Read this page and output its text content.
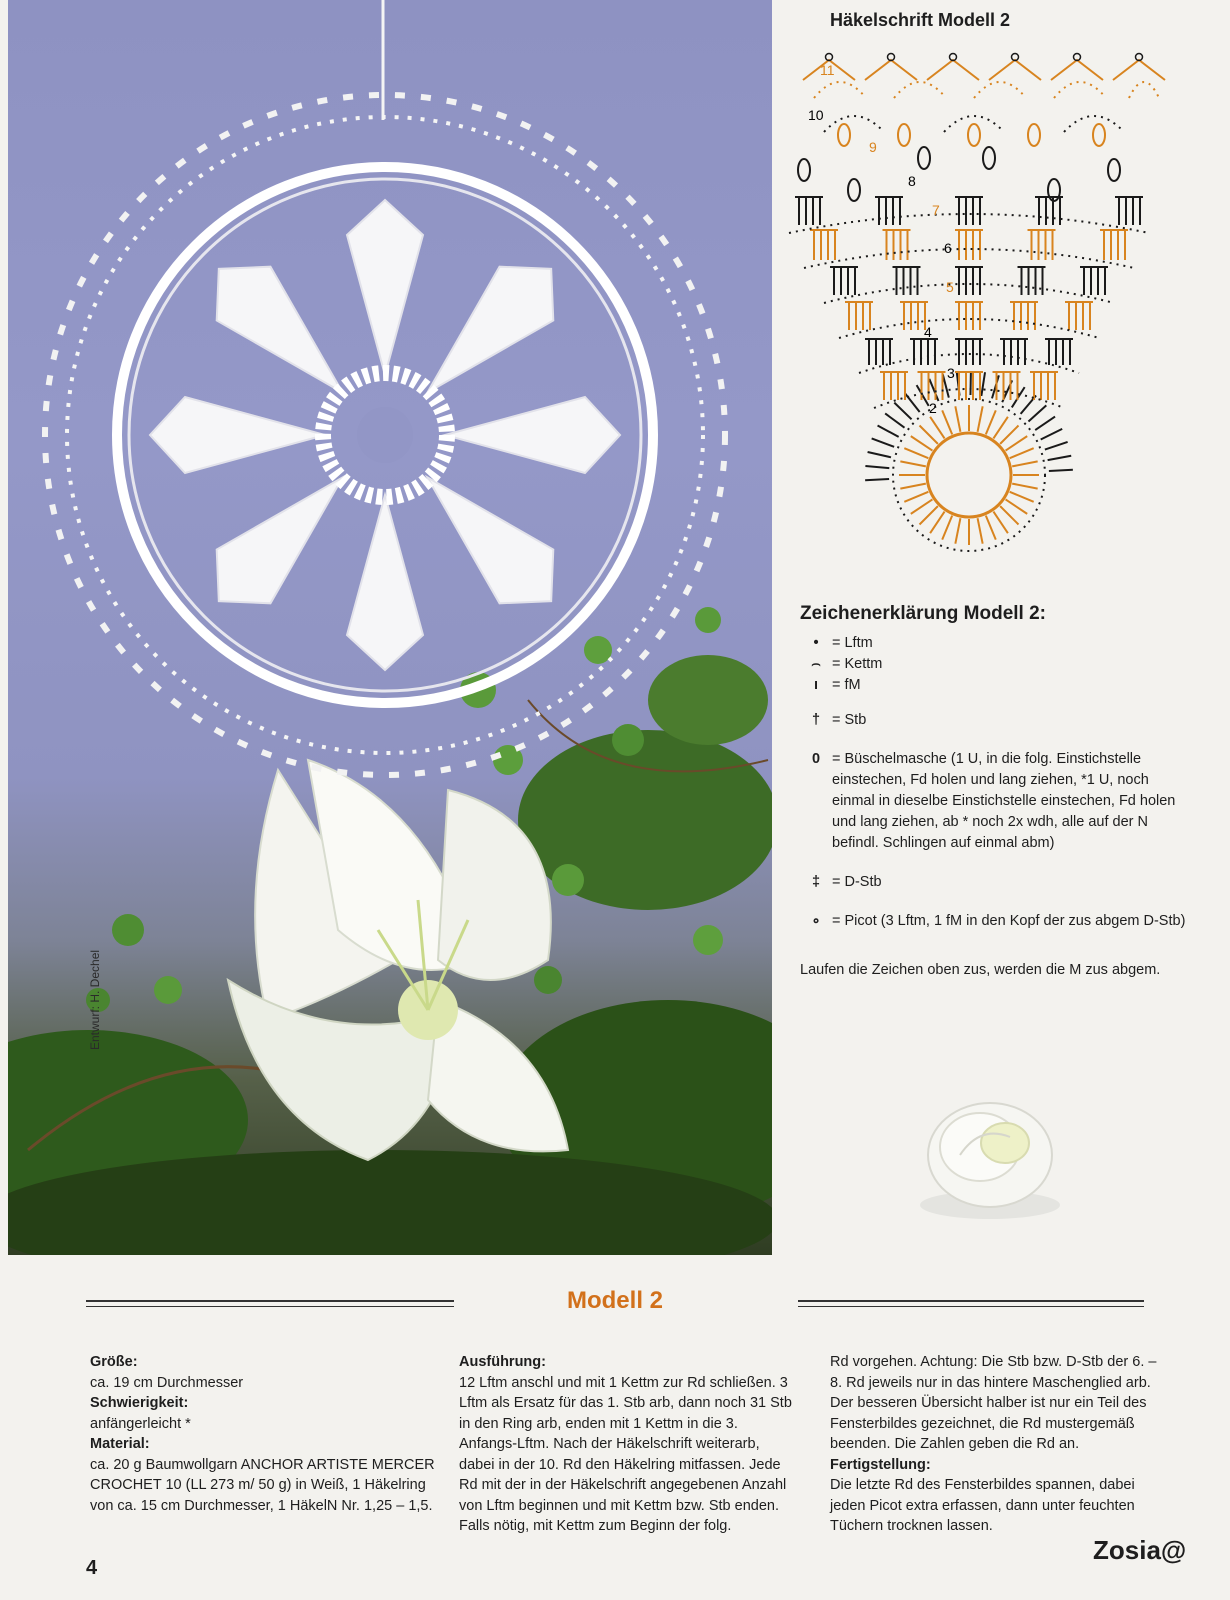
Entwurf: H. Dechel
Häkelschrift Modell 2
2
3
4
5
6
7
8
9
10
11
Zeichenerklärung Modell 2:
• = Lftm
⌢ = Kettm
ı = fM
† = Stb
0 = Büschelmasche (1 U, in die folg. Einstichstelle einstechen, Fd holen und lang ziehen, *1 U, noch einmal in dieselbe Einstichstelle einstechen, Fd holen und lang ziehen, ab * noch 2x wdh, alle auf der N befindl. Schlingen auf einmal abm)
‡ = D-Stb
∘ = Picot (3 Lftm, 1 fM in den Kopf der zus abgem D-Stb)
Laufen die Zeichen oben zus, werden die M zus abgem.
Modell 2
Größe:
ca. 19 cm Durchmesser
Schwierigkeit:
anfängerleicht *
Material:
ca. 20 g Baumwollgarn ANCHOR ARTISTE MERCER CROCHET 10 (LL 273 m/ 50 g) in Weiß, 1 Häkelring von ca. 15 cm Durchmesser, 1 HäkelN Nr. 1,25 – 1,5.
Ausführung:
12 Lftm anschl und mit 1 Kettm zur Rd schließen. 3 Lftm als Ersatz für das 1. Stb arb, dann noch 31 Stb in den Ring arb, enden mit 1 Kettm in die 3. Anfangs-Lftm. Nach der Häkelschrift weiterarb, dabei in der 10. Rd den Häkelring mitfassen. Jede Rd mit der in der Häkelschrift angegebenen Anzahl von Lftm beginnen und mit Kettm bzw. Stb enden. Falls nötig, mit Kettm zum Beginn der folg.
Rd vorgehen. Achtung: Die Stb bzw. D-Stb der 6. – 8. Rd jeweils nur in das hintere Maschenglied arb. Der besseren Übersicht halber ist nur ein Teil des Fensterbildes gezeichnet, die Rd mustergemäß beenden. Die Zahlen geben die Rd an.
Fertigstellung:
Die letzte Rd des Fensterbildes spannen, dabei jeden Picot extra erfassen, dann unter feuchten Tüchern trocknen lassen.
4
Zosia@
